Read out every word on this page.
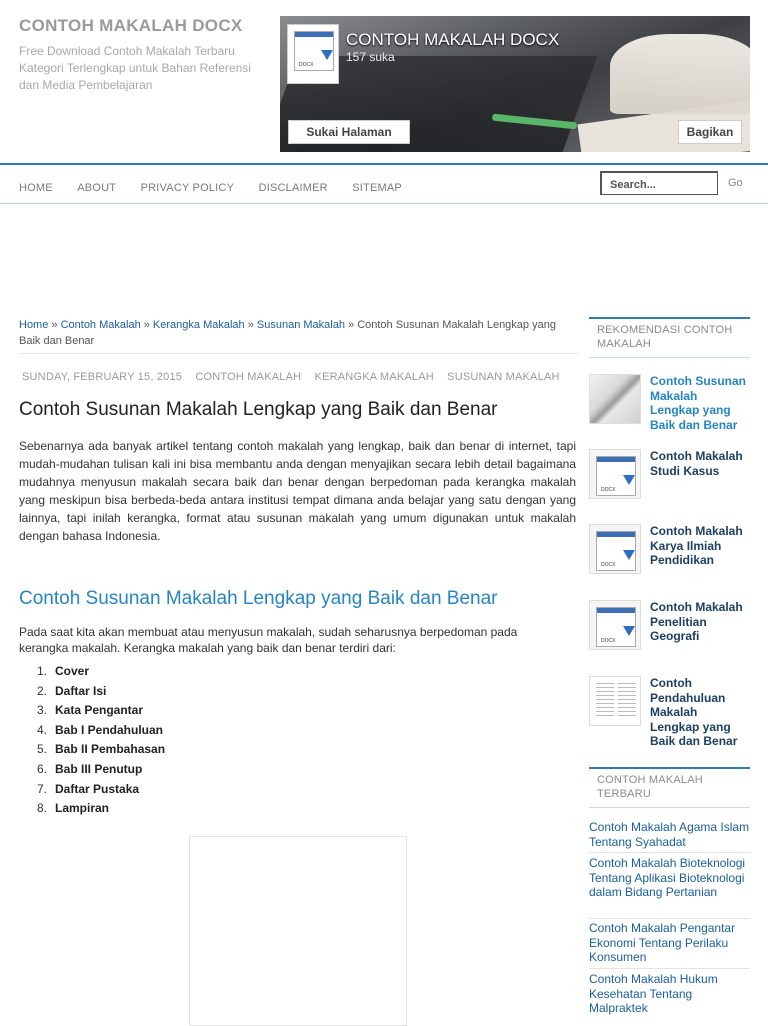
CONTOH MAKALAH DOCX
Free Download Contoh Makalah Terbaru Kategori Terlengkap untuk Bahan Referensi dan Media Pembelajaran
DOCX
CONTOH MAKALAH DOCX
157 suka
Sukai Halaman	Bagikan
HOME ABOUT PRIVACY POLICY DISCLAIMER SITEMAP	Search...	Go
Home » Contoh Makalah » Kerangka Makalah » Susunan Makalah » Contoh Susunan Makalah Lengkap yang Baik dan Benar
SUNDAY, FEBRUARY 15, 2015 CONTOH MAKALAH KERANGKA MAKALAH SUSUNAN MAKALAH
Contoh Susunan Makalah Lengkap yang Baik dan Benar

Sebenarnya ada banyak artikel tentang contoh makalah yang lengkap, baik dan benar di internet, tapi mudah-mudahan tulisan kali ini bisa membantu anda dengan menyajikan secara lebih detail bagaimana mudahnya menyusun makalah secara baik dan benar dengan berpedoman pada kerangka makalah yang meskipun bisa berbeda-beda antara institusi tempat dimana anda belajar yang satu dengan yang lainnya, tapi inilah kerangka, format atau susunan makalah yang umum digunakan untuk makalah dengan bahasa Indonesia.

Contoh Susunan Makalah Lengkap yang Baik dan Benar

Pada saat kita akan membuat atau menyusun makalah, sudah seharusnya berpedoman pada kerangka makalah. Kerangka makalah yang baik dan benar terdiri dari:

1. Cover
2. Daftar Isi
3. Kata Pengantar
4. Bab I Pendahuluan
5. Bab II Pembahasan
6. Bab III Penutup
7. Daftar Pustaka
8. Lampiran
REKOMENDASI CONTOH MAKALAH
Contoh Susunan Makalah Lengkap yang Baik dan Benar
DOCX
Contoh Makalah Studi Kasus
DOCX
Contoh Makalah Karya Ilmiah Pendidikan
DOCX
Contoh Makalah Penelitian Geografi
Contoh Pendahuluan Makalah Lengkap yang Baik dan Benar
CONTOH MAKALAH TERBARU
Contoh Makalah Agama Islam Tentang Syahadat
Contoh Makalah Bioteknologi Tentang Aplikasi Bioteknologi dalam Bidang Pertanian
Contoh Makalah Pengantar Ekonomi Tentang Perilaku Konsumen
Contoh Makalah Hukum Kesehatan Tentang Malpraktek
